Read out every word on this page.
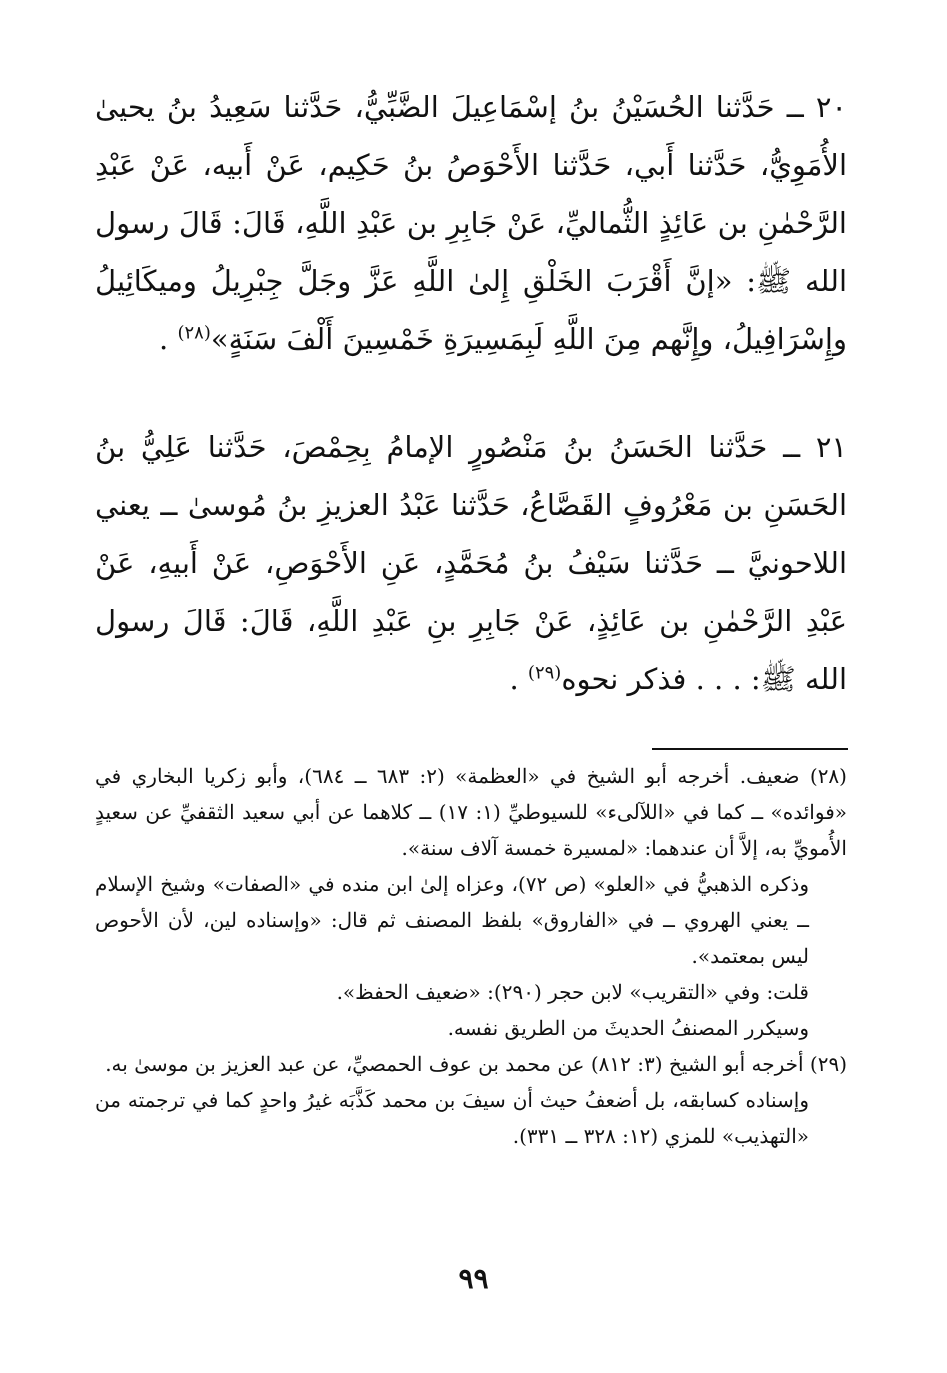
٢٠ ــ حَدَّثنا الحُسَيْنُ بنُ إسْمَاعِيلَ الضَّبِّيُّ، حَدَّثنا سَعِيدُ بنُ يحيىٰ الأُمَوِيُّ، حَدَّثنا أَبي، حَدَّثنا الأَحْوَصُ بنُ حَكِيم، عَنْ أَبيه، عَنْ عَبْدِ الرَّحْمٰنِ بن عَائِذٍ الثُّماليِّ، عَنْ جَابِرِ بن عَبْدِ اللَّهِ، قَالَ: قَالَ رسول الله ﷺ: «إنَّ أَقْرَبَ الخَلْقِ إِلىٰ اللَّهِ عَزَّ وجَلَّ جِبْرِيلُ وميكَائِيلُ وإِسْرَافِيلُ، وإِنَّهم مِنَ اللَّهِ لَبِمَسِيرَةِ خَمْسِينَ أَلْفَ سَنَةٍ»$^{(٢٨)}$ .

٢١ ــ حَدَّثنا الحَسَنُ بنُ مَنْصُورٍ الإمامُ بِحِمْصَ، حَدَّثنا عَلِيُّ بنُ الحَسَنِ بن مَعْرُوفٍ القَصَّاعُ، حَدَّثنا عَبْدُ العزيزِ بنُ مُوسىٰ ــ يعني اللاحونيَّ ــ حَدَّثنا سَيْفُ بنُ مُحَمَّدٍ، عَنِ الأَحْوَصِ، عَنْ أَبيهِ، عَنْ عَبْدِ الرَّحْمٰنِ بن عَائِذٍ، عَنْ جَابِرِ بنِ عَبْدِ اللَّهِ، قَالَ: قَالَ رسول الله ﷺ: . . . فذكر نحوه$^{(٢٩)}$ .

(٢٨) ضعيف. أخرجه أبو الشيخ في «العظمة» (٢: ٦٨٣ ــ ٦٨٤)، وأبو زكريا البخاري في «فوائده» ــ كما في «اللآلىء» للسيوطيِّ (١: ١٧) ــ كلاهما عن أبي سعيد الثقفيِّ عن سعيدٍ الأُمويِّ به، إلاَّ أن عندهما: «لمسيرة خمسة آلاف سنة».

وذكره الذهبيُّ في «العلو» (ص ٧٢)، وعزاه إلىٰ ابن منده في «الصفات» وشيخ الإسلام ــ يعني الهروي ــ في «الفاروق» بلفظ المصنف ثم قال: «وإسناده لين، لأن الأحوص ليس بمعتمد».

قلت: وفي «التقريب» لابن حجر (٢٩٠): «ضعيف الحفظ».

وسيكرر المصنفُ الحديثَ من الطريق نفسه.

(٢٩) أخرجه أبو الشيخ (٣: ٨١٢) عن محمد بن عوف الحمصيِّ، عن عبد العزيز بن موسىٰ به.

وإسناده كسابقه، بل أضعفُ حيث أن سيفَ بن محمد كَذَّبَه غيرُ واحدٍ كما في ترجمته من «التهذيب» للمزي (١٢: ٣٢٨ ــ ٣٣١).

٩٩
